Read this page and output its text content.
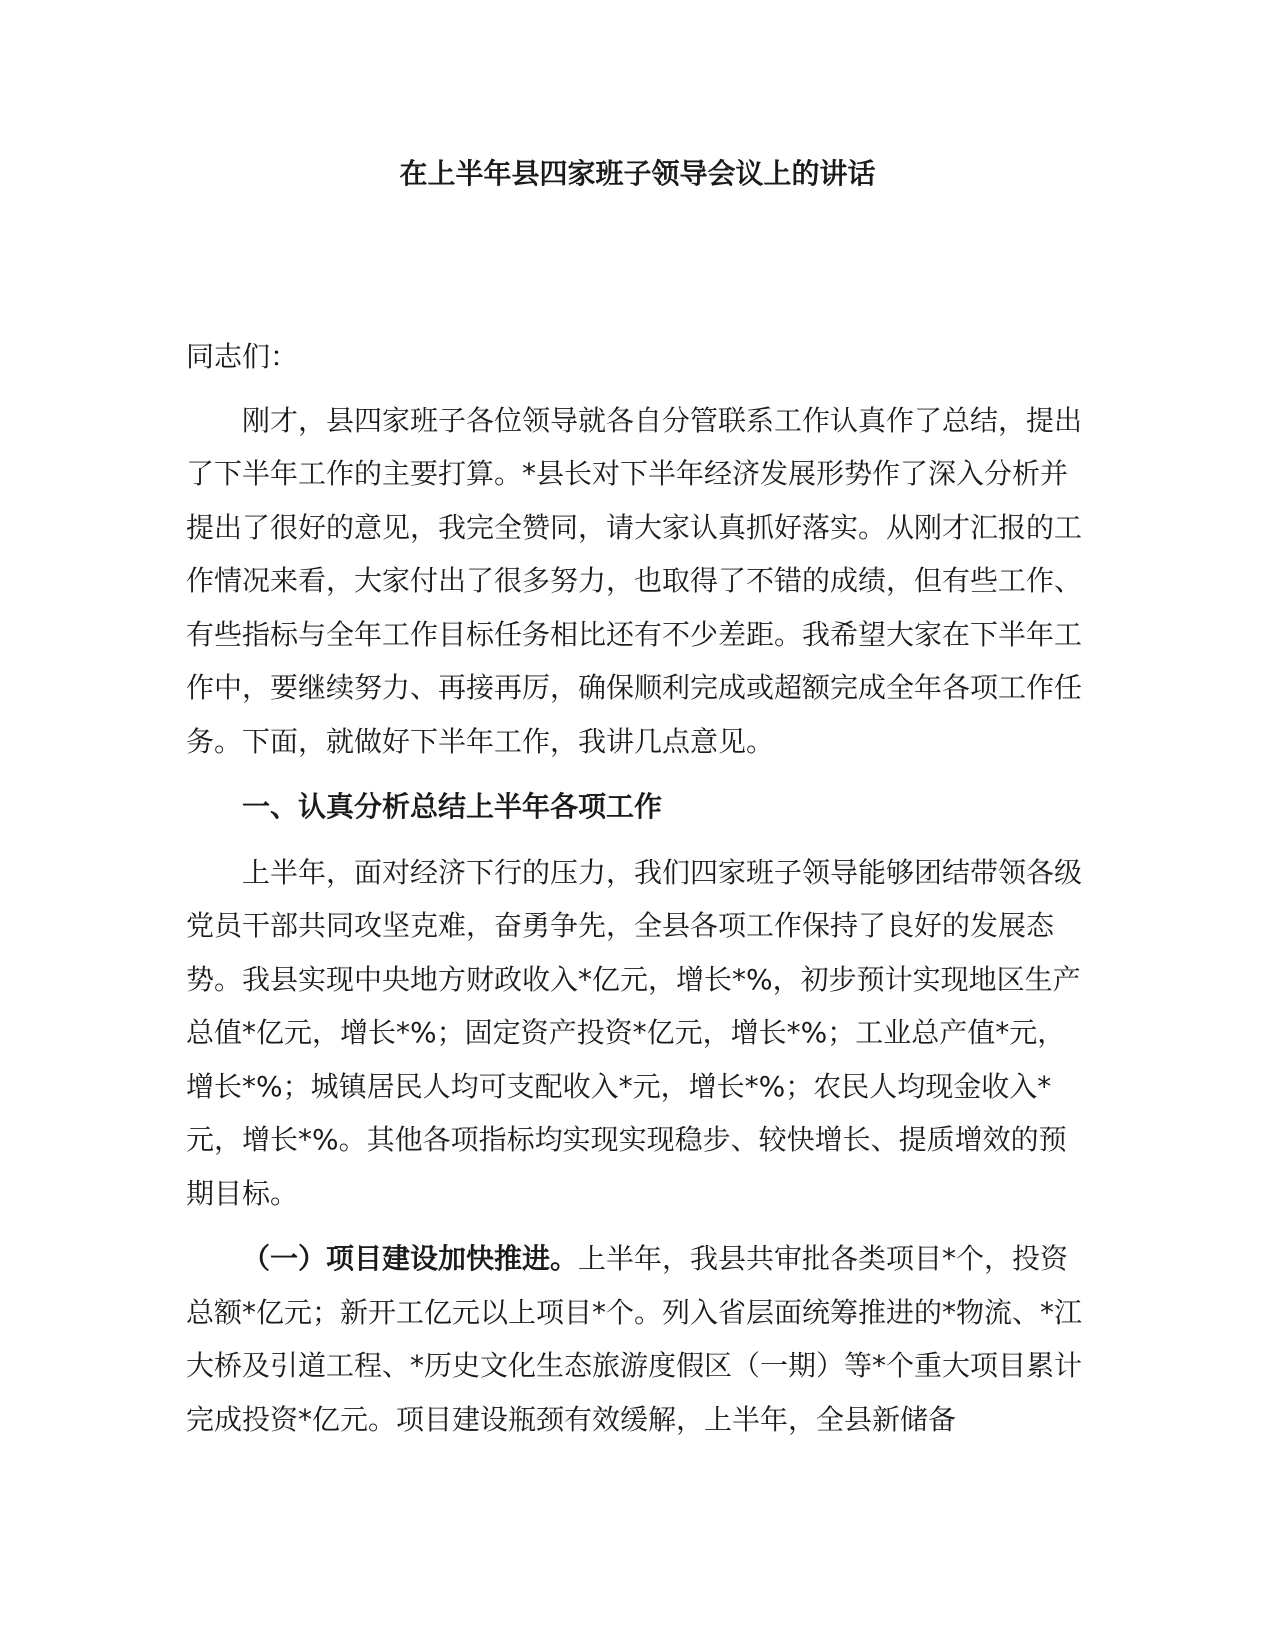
在上半年县四家班子领导会议上的讲话

同志们：

刚才，县四家班子各位领导就各自分管联系工作认真作了总结，提出了下半年工作的主要打算。*县长对下半年经济发展形势作了深入分析并提出了很好的意见，我完全赞同，请大家认真抓好落实。从刚才汇报的工作情况来看，大家付出了很多努力，也取得了不错的成绩，但有些工作、有些指标与全年工作目标任务相比还有不少差距。我希望大家在下半年工作中，要继续努力、再接再厉，确保顺利完成或超额完成全年各项工作任务。下面，就做好下半年工作，我讲几点意见。

一、认真分析总结上半年各项工作

上半年，面对经济下行的压力，我们四家班子领导能够团结带领各级党员干部共同攻坚克难，奋勇争先，全县各项工作保持了良好的发展态势。我县实现中央地方财政收入*亿元，增长*%，初步预计实现地区生产总值*亿元，增长*%；固定资产投资*亿元，增长*%；工业总产值*元，增长*%；城镇居民人均可支配收入*元，增长*%；农民人均现金收入*元，增长*%。其他各项指标均实现实现稳步、较快增长、提质增效的预期目标。

（一）项目建设加快推进。上半年，我县共审批各类项目*个，投资总额*亿元；新开工亿元以上项目*个。列入省层面统筹推进的*物流、*江大桥及引道工程、*历史文化生态旅游度假区（一期）等*个重大项目累计完成投资*亿元。项目建设瓶颈有效缓解，上半年，全县新储备
